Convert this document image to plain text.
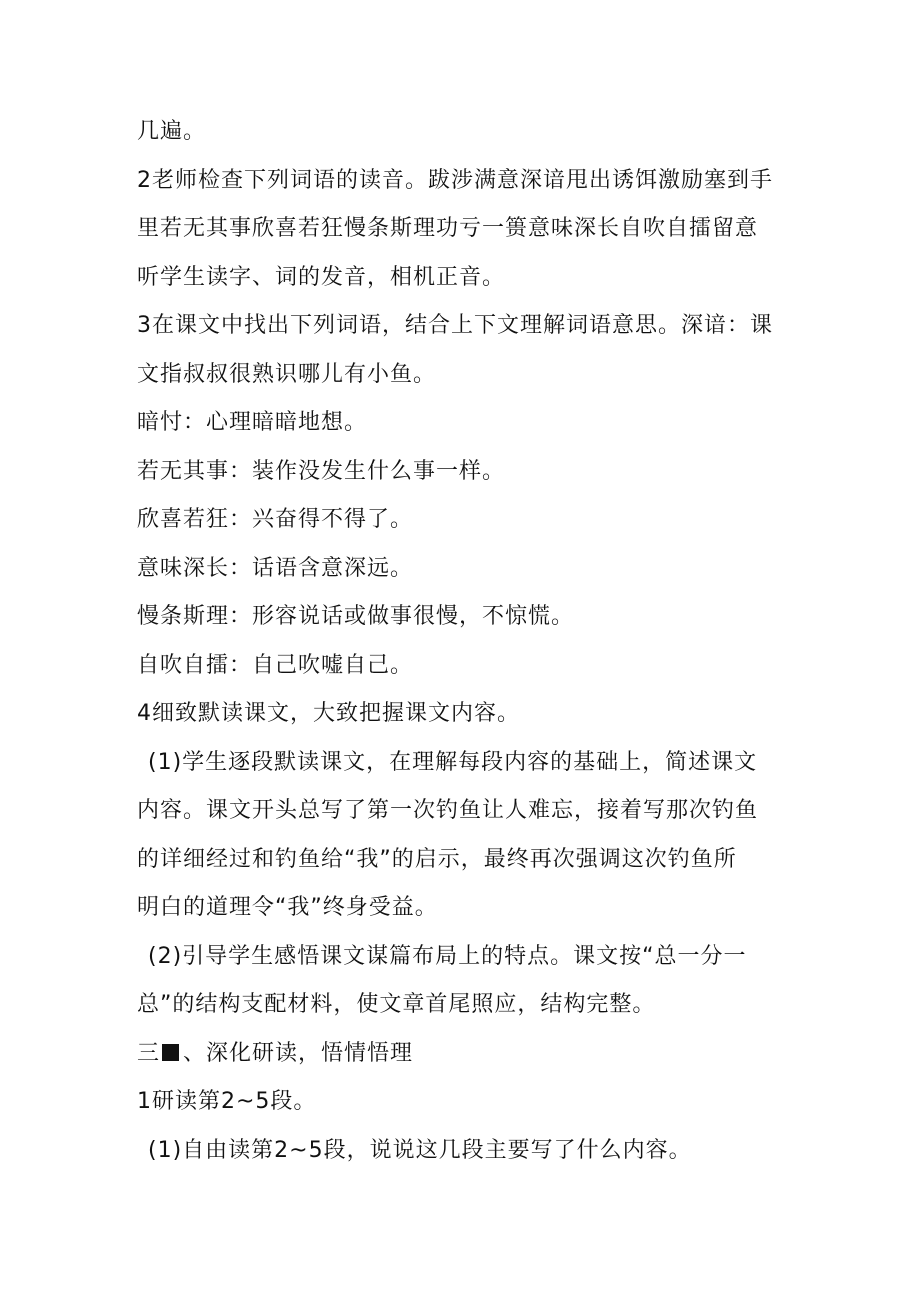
几遍。
2老师检查下列词语的读音。跋涉满意深谙甩出诱饵激励塞到手
里若无其事欣喜若狂慢条斯理功亏一篑意味深长自吹自擂留意
听学生读字、词的发音，相机正音。
3在课文中找出下列词语，结合上下文理解词语意思。深谙：课
文指叔叔很熟识哪儿有小鱼。
暗忖：心理暗暗地想。
若无其事：装作没发生什么事一样。
欣喜若狂：兴奋得不得了。
意味深长：话语含意深远。
慢条斯理：形容说话或做事很慢，不惊慌。
自吹自擂：自己吹嘘自己。
4细致默读课文，大致把握课文内容。
(1)学生逐段默读课文，在理解每段内容的基础上，简述课文
内容。课文开头总写了第一次钓鱼让人难忘，接着写那次钓鱼
的详细经过和钓鱼给“我”的启示，最终再次强调这次钓鱼所
明白的道理令“我”终身受益。
(2)引导学生感悟课文谋篇布局上的特点。课文按“总一分一
总”的结构支配材料，使文章首尾照应，结构完整。
三 、深化研读，悟情悟理
1研读第2~5段。
(1)自由读第2~5段，说说这几段主要写了什么内容。
